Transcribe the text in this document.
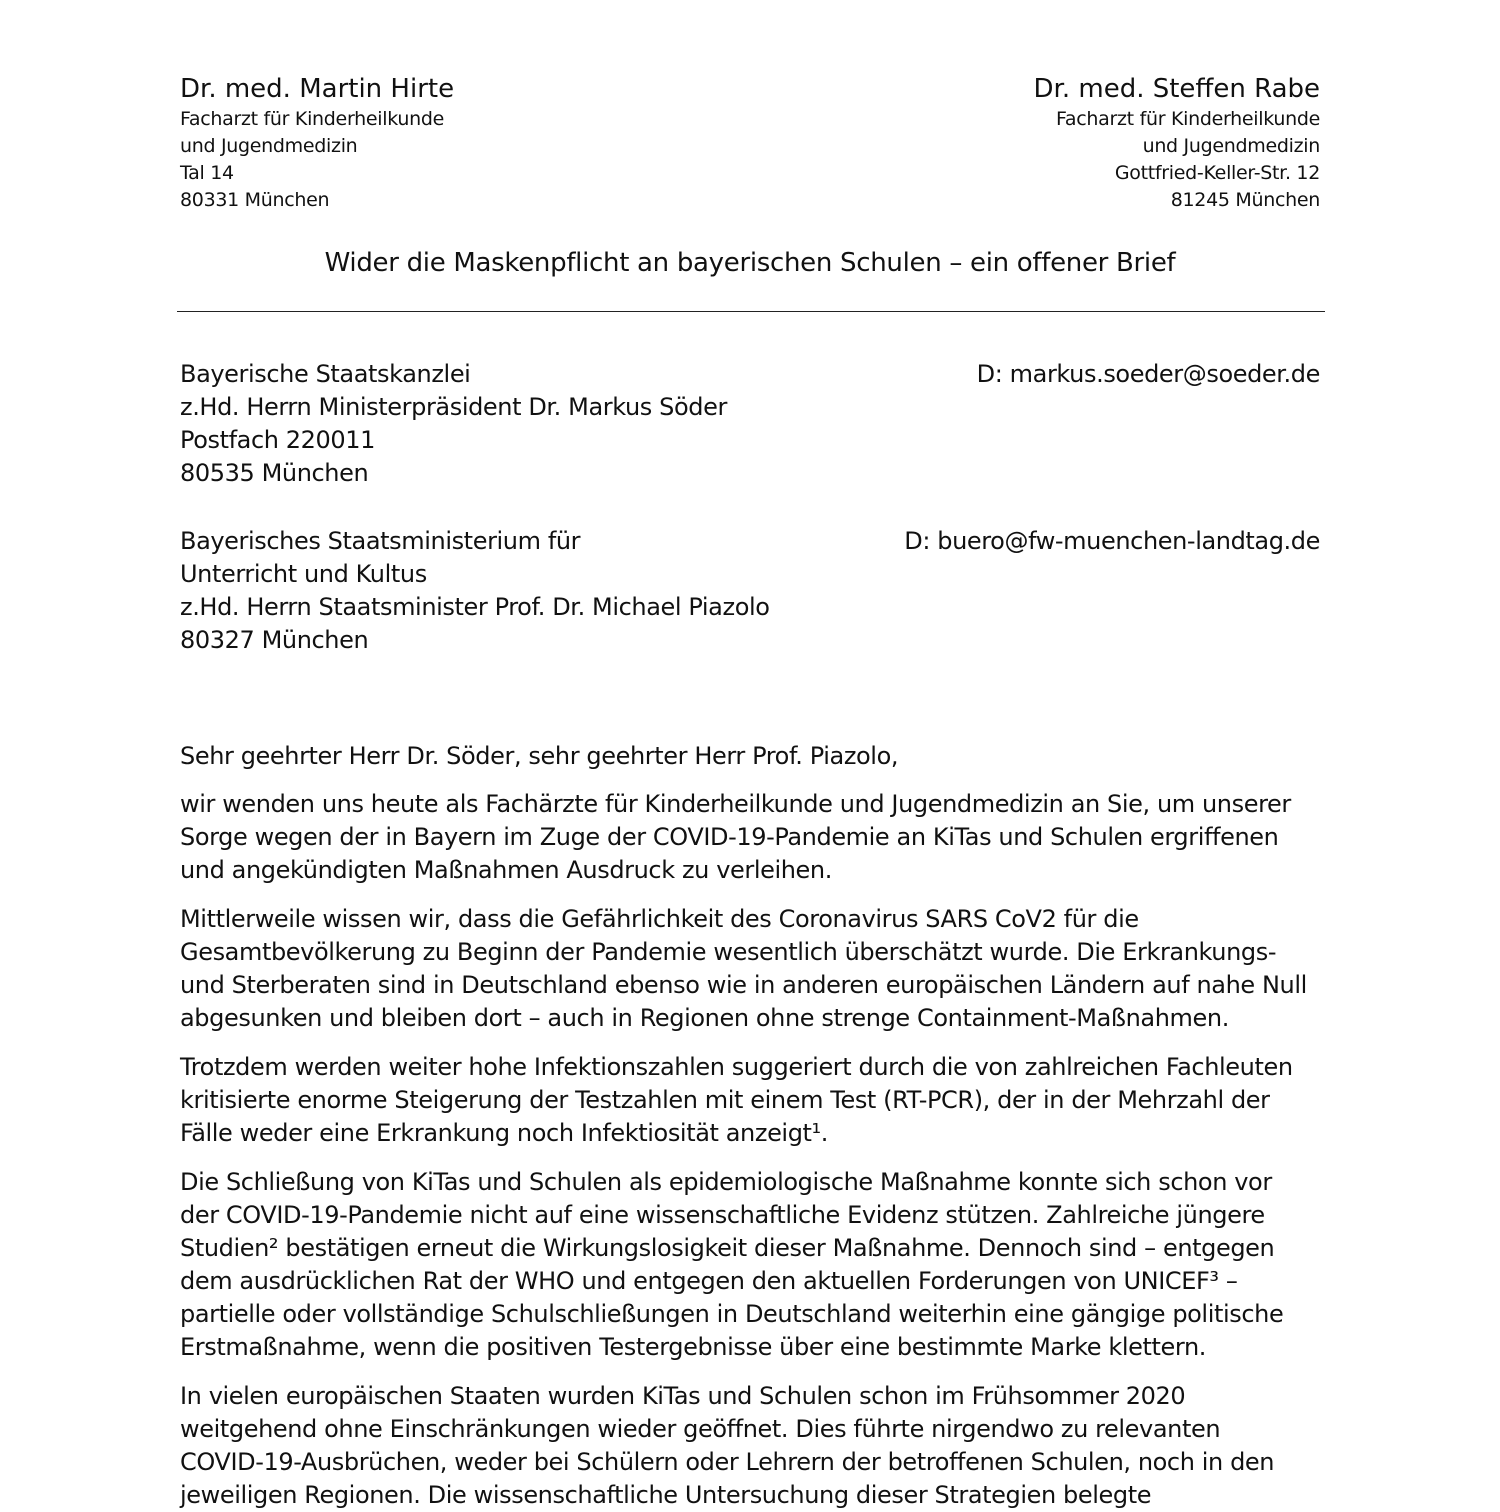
Dr. med. Martin Hirte
Facharzt für Kinderheilkunde
und Jugendmedizin
Tal 14
80331 München
Dr. med. Steffen Rabe
Facharzt für Kinderheilkunde
und Jugendmedizin
Gottfried-Keller-Str. 12
81245 München
Wider die Maskenpflicht an bayerischen Schulen – ein offener Brief
Bayerische Staatskanzlei
z.Hd. Herrn Ministerpräsident Dr. Markus Söder
Postfach 220011
80535 München
D: markus.soeder@soeder.de
Bayerisches Staatsministerium für
Unterricht und Kultus
z.Hd. Herrn Staatsminister Prof. Dr. Michael Piazolo
80327 München
D: buero@fw-muenchen-landtag.de
Sehr geehrter Herr Dr. Söder, sehr geehrter Herr Prof. Piazolo,
wir wenden uns heute als Fachärzte für Kinderheilkunde und Jugendmedizin an Sie, um unserer
Sorge wegen der in Bayern im Zuge der COVID-19-Pandemie an KiTas und Schulen ergriffenen
und angekündigten Maßnahmen Ausdruck zu verleihen.
Mittlerweile wissen wir, dass die Gefährlichkeit des Coronavirus SARS CoV2 für die
Gesamtbevölkerung zu Beginn der Pandemie wesentlich überschätzt wurde. Die Erkrankungs-
und Sterberaten sind in Deutschland ebenso wie in anderen europäischen Ländern auf nahe Null
abgesunken und bleiben dort – auch in Regionen ohne strenge Containment-Maßnahmen.
Trotzdem werden weiter hohe Infektionszahlen suggeriert durch die von zahlreichen Fachleuten
kritisierte enorme Steigerung der Testzahlen mit einem Test (RT-PCR), der in der Mehrzahl der
Fälle weder eine Erkrankung noch Infektiosität anzeigt¹.
Die Schließung von KiTas und Schulen als epidemiologische Maßnahme konnte sich schon vor
der COVID-19-Pandemie nicht auf eine wissenschaftliche Evidenz stützen. Zahlreiche jüngere
Studien² bestätigen erneut die Wirkungslosigkeit dieser Maßnahme. Dennoch sind – entgegen
dem ausdrücklichen Rat der WHO und entgegen den aktuellen Forderungen von UNICEF³ –
partielle oder vollständige Schulschließungen in Deutschland weiterhin eine gängige politische
Erstmaßnahme, wenn die positiven Testergebnisse über eine bestimmte Marke klettern.
In vielen europäischen Staaten wurden KiTas und Schulen schon im Frühsommer 2020
weitgehend ohne Einschränkungen wieder geöffnet. Dies führte nirgendwo zu relevanten
COVID-19-Ausbrüchen, weder bei Schülern oder Lehrern der betroffenen Schulen, noch in den
jeweiligen Regionen. Die wissenschaftliche Untersuchung dieser Strategien belegte
